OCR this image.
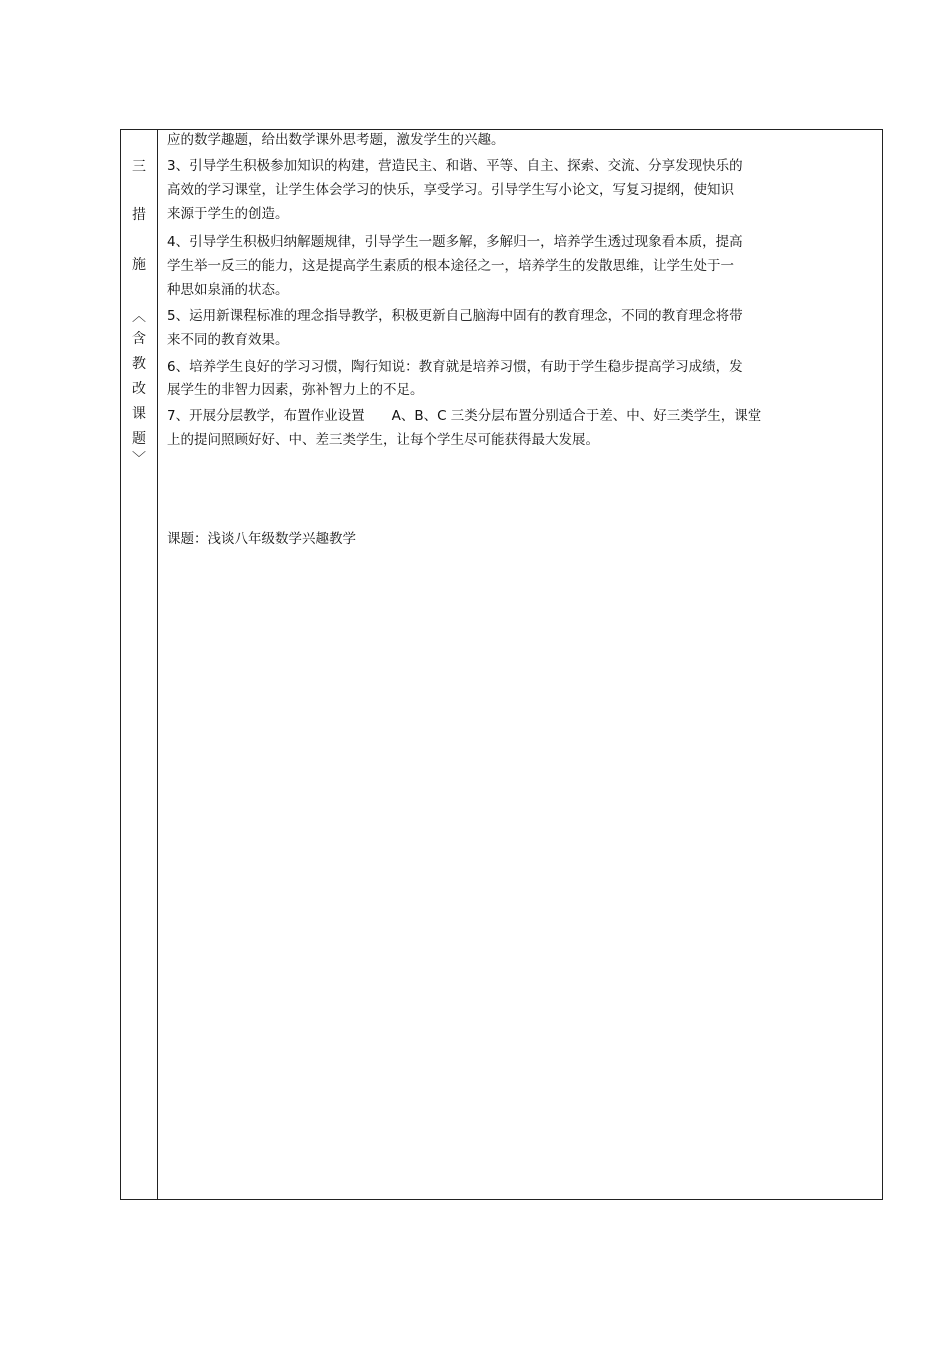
三
措
施
︿
含
教
改
课
题
﹀
应的数学趣题，给出数学课外思考题，激发学生的兴趣。
3、引导学生积极参加知识的构建，营造民主、和谐、平等、自主、探索、交流、分享发现快乐的
高效的学习课堂，让学生体会学习的快乐，享受学习。引导学生写小论文，写复习提纲，使知识
来源于学生的创造。
4、引导学生积极归纳解题规律，引导学生一题多解，多解归一，培养学生透过现象看本质，提高
学生举一反三的能力，这是提高学生素质的根本途径之一，培养学生的发散思维，让学生处于一
种思如泉涌的状态。
5、运用新课程标准的理念指导教学，积极更新自己脑海中固有的教育理念，不同的教育理念将带
来不同的教育效果。
6、培养学生良好的学习习惯，陶行知说：教育就是培养习惯，有助于学生稳步提高学习成绩，发
展学生的非智力因素，弥补智力上的不足。
7、开展分层教学，布置作业设置　　A、B、C 三类分层布置分别适合于差、中、好三类学生，课堂
上的提问照顾好好、中、差三类学生，让每个学生尽可能获得最大发展。
课题：浅谈八年级数学兴趣教学
